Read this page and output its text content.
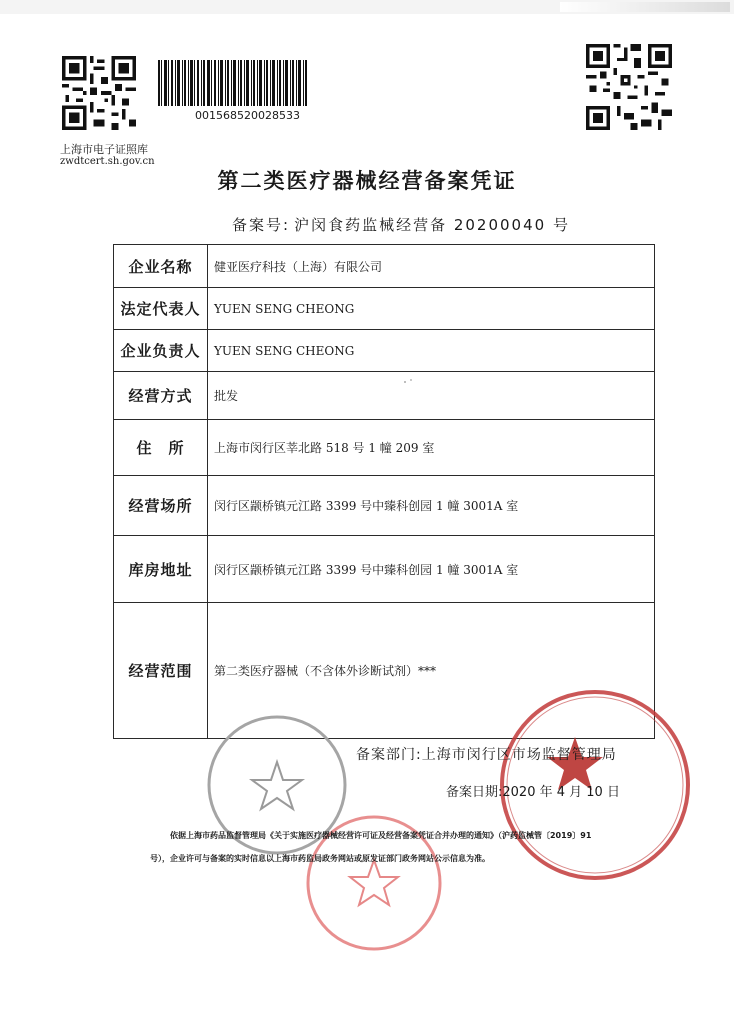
上海市电子证照库
zwdtcert.sh.gov.cn
001568520028533
第二类医疗器械经营备案凭证
备案号: 沪闵食药监械经营备 20200040 号
企业名称	健亚医疗科技（上海）有限公司
法定代表人	YUEN SENG CHEONG
企业负责人	YUEN SENG CHEONG
经营方式	批发
住　所	上海市闵行区莘北路 518 号 1 幢 209 室
经营场所	闵行区颛桥镇元江路 3399 号中臻科创园 1 幢 3001A 室
库房地址	闵行区颛桥镇元江路 3399 号中臻科创园 1 幢 3001A 室
经营范围	第二类医疗器械（不含体外诊断试剂）***
备案部门:上海市闵行区市场监督管理局
备案日期:2020 年 4 月 10 日
依据上海市药品监督管理局《关于实施医疗器械经营许可证及经营备案凭证合并办理的通知》（沪药监械管〔2019〕91
号），企业许可与备案的实时信息以上海市药监局政务网站或原发证部门政务网站公示信息为准。
